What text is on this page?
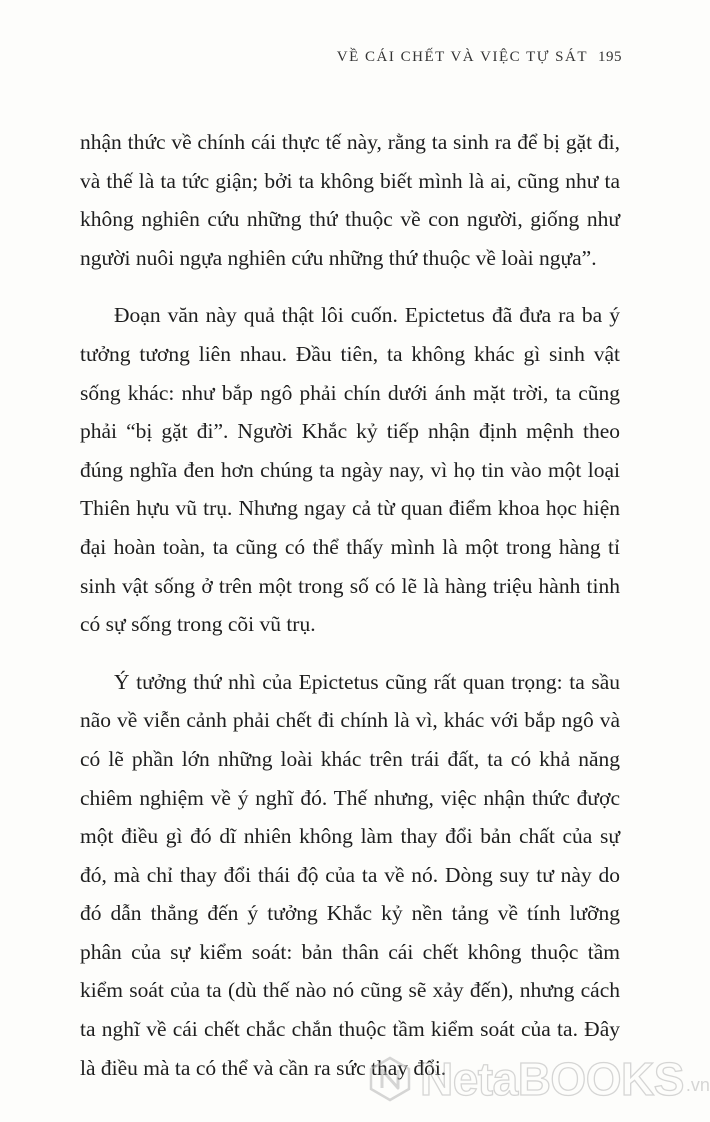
VỀ CÁI CHẾT VÀ VIỆC TỰ SÁT 195

nhận thức về chính cái thực tế này, rằng ta sinh ra để bị gặt đi, và thế là ta tức giận; bởi ta không biết mình là ai, cũng như ta không nghiên cứu những thứ thuộc về con người, giống như người nuôi ngựa nghiên cứu những thứ thuộc về loài ngựa”.

Đoạn văn này quả thật lôi cuốn. Epictetus đã đưa ra ba ý tưởng tương liên nhau. Đầu tiên, ta không khác gì sinh vật sống khác: như bắp ngô phải chín dưới ánh mặt trời, ta cũng phải “bị gặt đi”. Người Khắc kỷ tiếp nhận định mệnh theo đúng nghĩa đen hơn chúng ta ngày nay, vì họ tin vào một loại Thiên hựu vũ trụ. Nhưng ngay cả từ quan điểm khoa học hiện đại hoàn toàn, ta cũng có thể thấy mình là một trong hàng tỉ sinh vật sống ở trên một trong số có lẽ là hàng triệu hành tinh có sự sống trong cõi vũ trụ.

Ý tưởng thứ nhì của Epictetus cũng rất quan trọng: ta sầu não về viễn cảnh phải chết đi chính là vì, khác với bắp ngô và có lẽ phần lớn những loài khác trên trái đất, ta có khả năng chiêm nghiệm về ý nghĩ đó. Thế nhưng, việc nhận thức được một điều gì đó dĩ nhiên không làm thay đổi bản chất của sự đó, mà chỉ thay đổi thái độ của ta về nó. Dòng suy tư này do đó dẫn thẳng đến ý tưởng Khắc kỷ nền tảng về tính lưỡng phân của sự kiểm soát: bản thân cái chết không thuộc tầm kiểm soát của ta (dù thế nào nó cũng sẽ xảy đến), nhưng cách ta nghĩ về cái chết chắc chắn thuộc tầm kiểm soát của ta. Đây là điều mà ta có thể và cần ra sức thay đổi.

NetaBOOKS .vn
